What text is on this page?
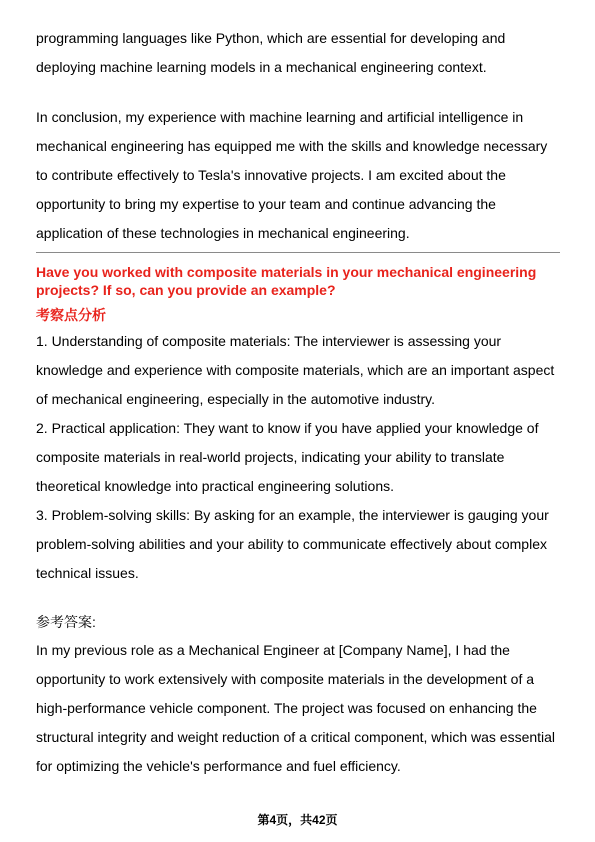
programming languages like Python, which are essential for developing and deploying machine learning models in a mechanical engineering context.

In conclusion, my experience with machine learning and artificial intelligence in mechanical engineering has equipped me with the skills and knowledge necessary to contribute effectively to Tesla's innovative projects. I am excited about the opportunity to bring my expertise to your team and continue advancing the application of these technologies in mechanical engineering.

Have you worked with composite materials in your mechanical engineering projects? If so, can you provide an example?

考察点分析

1. Understanding of composite materials: The interviewer is assessing your knowledge and experience with composite materials, which are an important aspect of mechanical engineering, especially in the automotive industry.

2. Practical application: They want to know if you have applied your knowledge of composite materials in real-world projects, indicating your ability to translate theoretical knowledge into practical engineering solutions.

3. Problem-solving skills: By asking for an example, the interviewer is gauging your problem-solving abilities and your ability to communicate effectively about complex technical issues.

参考答案:

In my previous role as a Mechanical Engineer at [Company Name], I had the opportunity to work extensively with composite materials in the development of a high-performance vehicle component. The project was focused on enhancing the structural integrity and weight reduction of a critical component, which was essential for optimizing the vehicle's performance and fuel efficiency.

第4页，共42页
